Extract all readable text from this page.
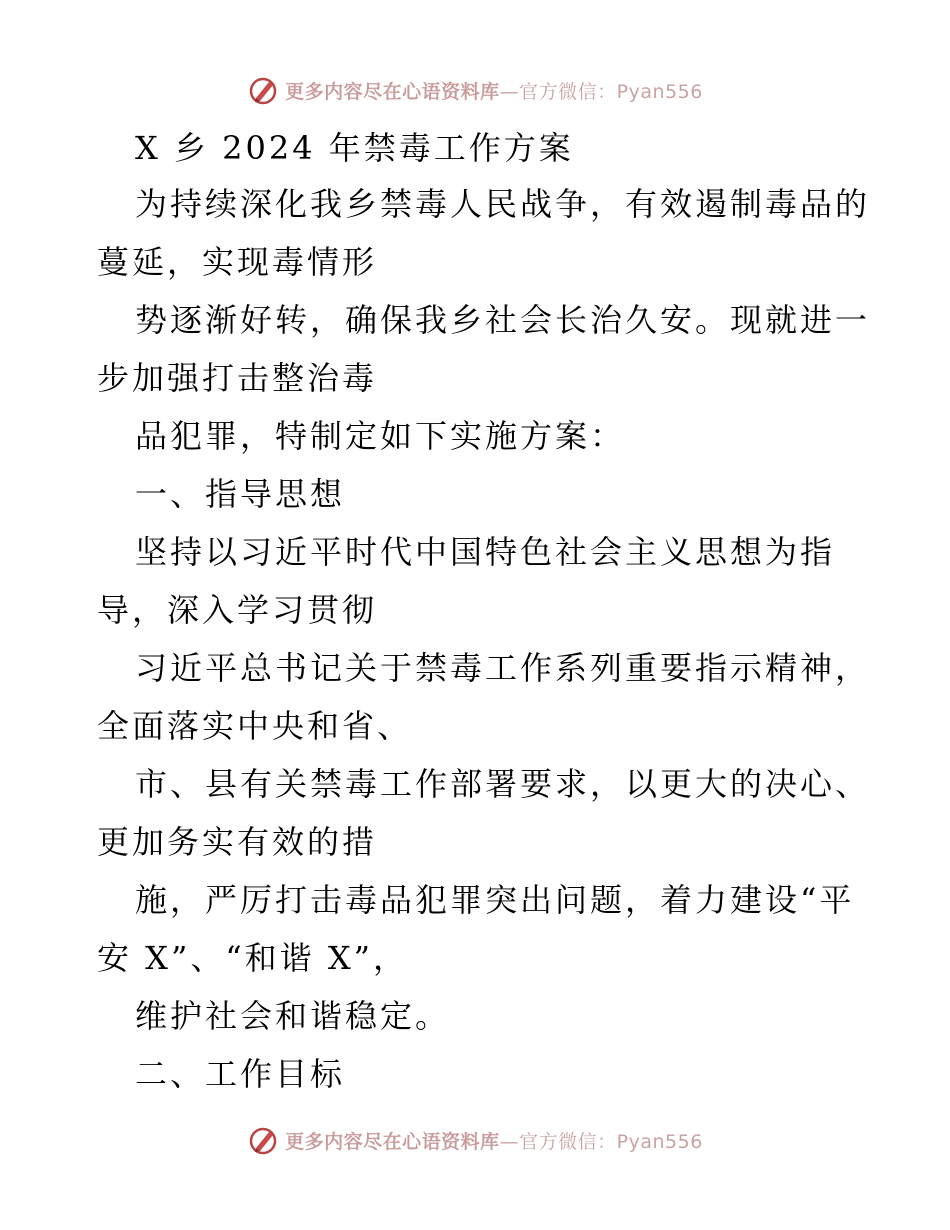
更多内容尽在心语资料库—官方微信：Pyan556
X 乡 2024 年禁毒工作方案
为持续深化我乡禁毒人民战争，有效遏制毒品的
蔓延，实现毒情形
势逐渐好转，确保我乡社会长治久安。现就进一
步加强打击整治毒
品犯罪，特制定如下实施方案：
一、指导思想
坚持以习近平时代中国特色社会主义思想为指
导，深入学习贯彻
习近平总书记关于禁毒工作系列重要指示精神，
全面落实中央和省、
市、县有关禁毒工作部署要求，以更大的决心、
更加务实有效的措
施，严厉打击毒品犯罪突出问题，着力建设“平
安 X”、“和谐 X”，
维护社会和谐稳定。
二、工作目标
更多内容尽在心语资料库—官方微信：Pyan556
